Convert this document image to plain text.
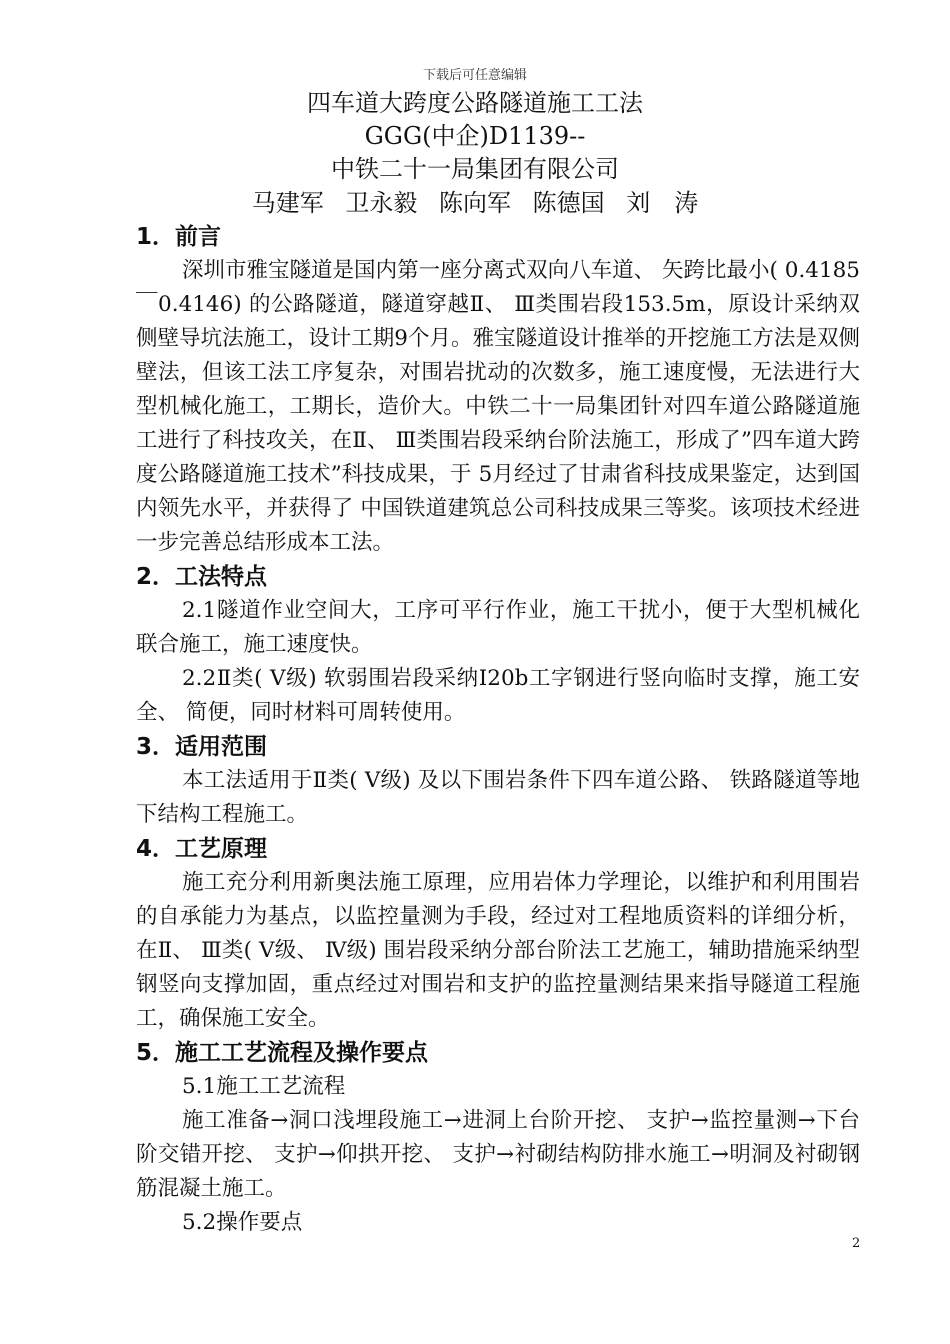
下载后可任意编辑
四车道大跨度公路隧道施工工法
GGG(中企)D1139--
中铁二十一局集团有限公司
马建军 卫永毅 陈向军 陈德国 刘　涛
1．前言
深圳市雅宝隧道是国内第一座分离式双向八车道、 矢跨比最小( 0.4185￣0.4146) 的公路隧道，隧道穿越Ⅱ、 Ⅲ类围岩段153.5m，原设计采纳双侧壁导坑法施工，设计工期9个月。雅宝隧道设计推举的开挖施工方法是双侧壁法，但该工法工序复杂，对围岩扰动的次数多，施工速度慢，无法进行大型机械化施工，工期长，造价大。中铁二十一局集团针对四车道公路隧道施工进行了科技攻关，在Ⅱ、 Ⅲ类围岩段采纳台阶法施工，形成了”四车道大跨度公路隧道施工技术”科技成果，于 5月经过了甘肃省科技成果鉴定，达到国内领先水平，并获得了 中国铁道建筑总公司科技成果三等奖。该项技术经进一步完善总结形成本工法。
2．工法特点
2.1隧道作业空间大，工序可平行作业，施工干扰小，便于大型机械化联合施工，施工速度快。
2.2Ⅱ类( Ⅴ级) 软弱围岩段采纳I20b工字钢进行竖向临时支撑，施工安全、 简便，同时材料可周转使用。
3．适用范围
本工法适用于Ⅱ类( Ⅴ级) 及以下围岩条件下四车道公路、 铁路隧道等地下结构工程施工。
4．工艺原理
施工充分利用新奥法施工原理，应用岩体力学理论，以维护和利用围岩的自承能力为基点，以监控量测为手段，经过对工程地质资料的详细分析，在Ⅱ、 Ⅲ类( Ⅴ级、 Ⅳ级) 围岩段采纳分部台阶法工艺施工，辅助措施采纳型钢竖向支撑加固，重点经过对围岩和支护的监控量测结果来指导隧道工程施工，确保施工安全。
5．施工工艺流程及操作要点
5.1施工工艺流程
施工准备→洞口浅埋段施工→进洞上台阶开挖、 支护→监控量测→下台阶交错开挖、 支护→仰拱开挖、 支护→衬砌结构防排水施工→明洞及衬砌钢筋混凝土施工。
5.2操作要点
2
